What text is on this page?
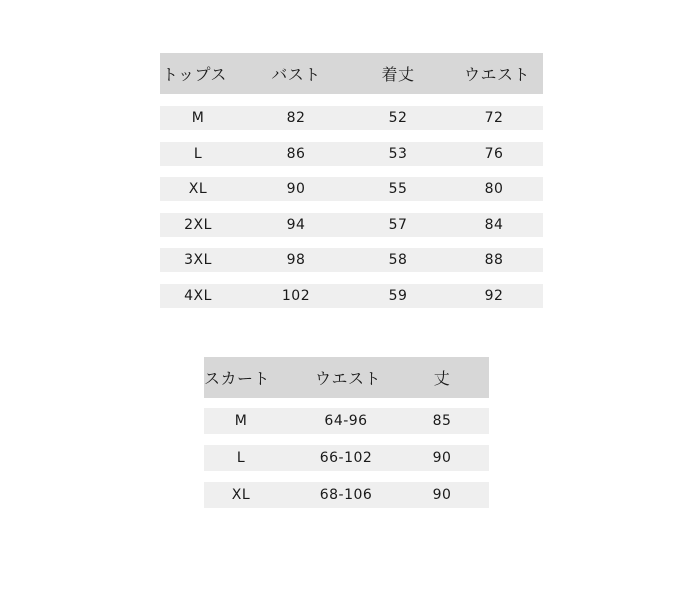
トップス	バスト	着丈	ウエスト
M	82	52	72
L	86	53	76
XL	90	55	80
2XL	94	57	84
3XL	98	58	88
4XL	102	59	92
スカート	ウエスト	丈
M	64-96	85
L	66-102	90
XL	68-106	90
